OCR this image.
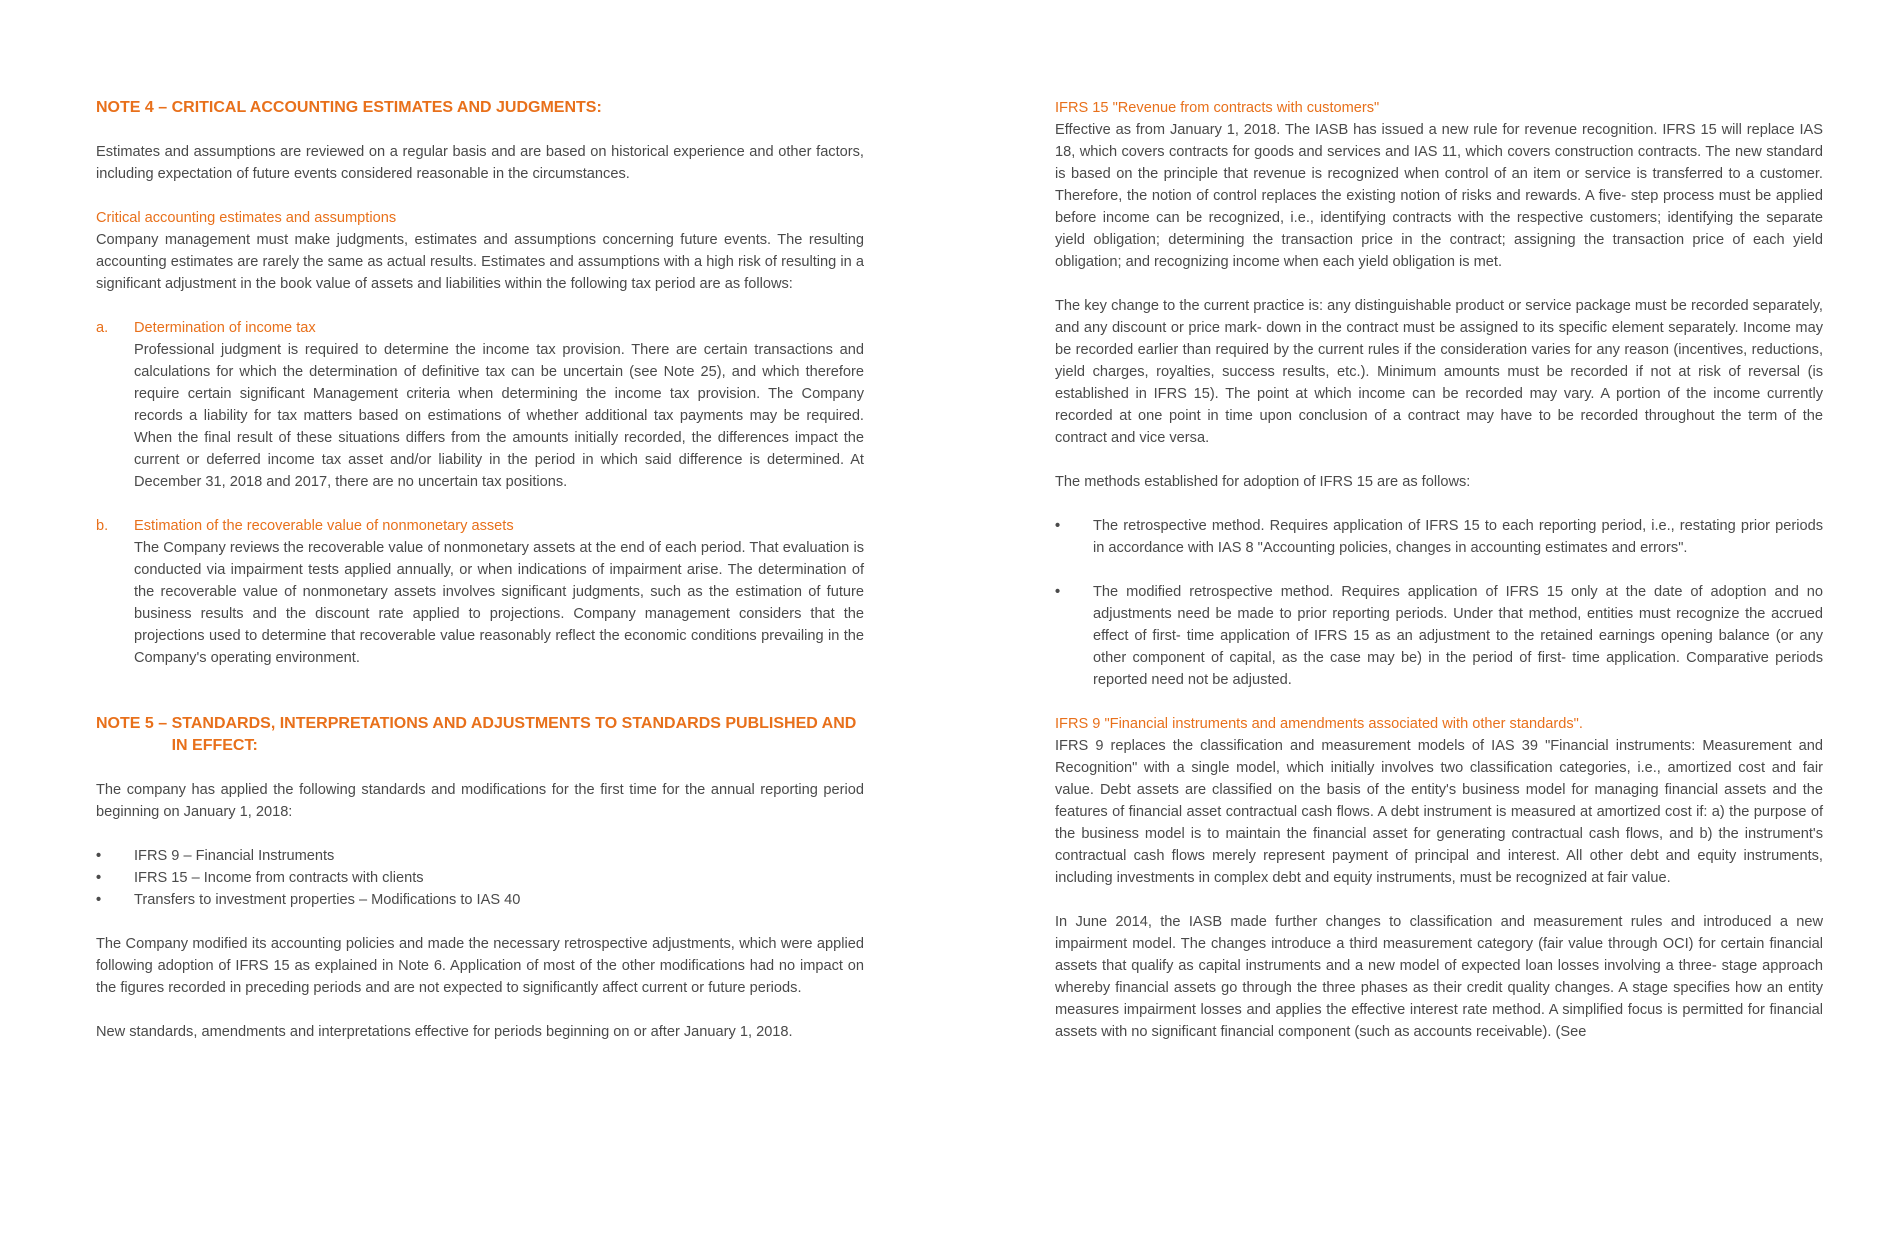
NOTE 4 – CRITICAL ACCOUNTING ESTIMATES AND JUDGMENTS:

Estimates and assumptions are reviewed on a regular basis and are based on historical experience and other factors, including expectation of future events considered reasonable in the circumstances.

Critical accounting estimates and assumptions

Company management must make judgments, estimates and assumptions concerning future events. The resulting accounting estimates are rarely the same as actual results. Estimates and assumptions with a high risk of resulting in a significant adjustment in the book value of assets and liabilities within the following tax period are as follows:

a.	Determination of income tax

Professional judgment is required to determine the income tax provision. There are certain transactions and calculations for which the determination of definitive tax can be uncertain (see Note 25), and which therefore require certain significant Management criteria when determining the income tax provision. The Company records a liability for tax matters based on estimations of whether additional tax payments may be required. When the final result of these situations differs from the amounts initially recorded, the differences impact the current or deferred income tax asset and/or liability in the period in which said difference is determined. At December 31, 2018 and 2017, there are no uncertain tax positions.

b.	Estimation of the recoverable value of nonmonetary assets

The Company reviews the recoverable value of nonmonetary assets at the end of each period. That evaluation is conducted via impairment tests applied annually, or when indications of impairment arise. The determination of the recoverable value of nonmonetary assets involves significant judgments, such as the estimation of future business results and the discount rate applied to projections. Company management considers that the projections used to determine that recoverable value reasonably reflect the economic conditions prevailing in the Company's operating environment.

NOTE 5 – STANDARDS, INTERPRETATIONS AND ADJUSTMENTS TO STANDARDS PUBLISHED AND IN EFFECT:

The company has applied the following standards and modifications for the first time for the annual reporting period beginning on January 1, 2018:

•	IFRS 9 – Financial Instruments
•	IFRS 15 – Income from contracts with clients
•	Transfers to investment properties – Modifications to IAS 40

The Company modified its accounting policies and made the necessary retrospective adjustments, which were applied following adoption of IFRS 15 as explained in Note 6. Application of most of the other modifications had no impact on the figures recorded in preceding periods and are not expected to significantly affect current or future periods.

New standards, amendments and interpretations effective for periods beginning on or after January 1, 2018.

IFRS 15 "Revenue from contracts with customers"

Effective as from January 1, 2018. The IASB has issued a new rule for revenue recognition. IFRS 15 will replace IAS 18, which covers contracts for goods and services and IAS 11, which covers construction contracts. The new standard is based on the principle that revenue is recognized when control of an item or service is transferred to a customer. Therefore, the notion of control replaces the existing notion of risks and rewards. A five- step process must be applied before income can be recognized, i.e., identifying contracts with the respective customers; identifying the separate yield obligation; determining the transaction price in the contract; assigning the transaction price of each yield obligation; and recognizing income when each yield obligation is met.

The key change to the current practice is: any distinguishable product or service package must be recorded separately, and any discount or price mark- down in the contract must be assigned to its specific element separately. Income may be recorded earlier than required by the current rules if the consideration varies for any reason (incentives, reductions, yield charges, royalties, success results, etc.). Minimum amounts must be recorded if not at risk of reversal (is established in IFRS 15). The point at which income can be recorded may vary. A portion of the income currently recorded at one point in time upon conclusion of a contract may have to be recorded throughout the term of the contract and vice versa.

The methods established for adoption of IFRS 15 are as follows:

•	The retrospective method. Requires application of IFRS 15 to each reporting period, i.e., restating prior periods in accordance with IAS 8 "Accounting policies, changes in accounting estimates and errors".
•	The modified retrospective method. Requires application of IFRS 15 only at the date of adoption and no adjustments need be made to prior reporting periods. Under that method, entities must recognize the accrued effect of first- time application of IFRS 15 as an adjustment to the retained earnings opening balance (or any other component of capital, as the case may be) in the period of first- time application. Comparative periods reported need not be adjusted.

IFRS 9 "Financial instruments and amendments associated with other standards".

IFRS 9 replaces the classification and measurement models of IAS 39 "Financial instruments: Measurement and Recognition" with a single model, which initially involves two classification categories, i.e., amortized cost and fair value. Debt assets are classified on the basis of the entity's business model for managing financial assets and the features of financial asset contractual cash flows. A debt instrument is measured at amortized cost if: a) the purpose of the business model is to maintain the financial asset for generating contractual cash flows, and b) the instrument's contractual cash flows merely represent payment of principal and interest. All other debt and equity instruments, including investments in complex debt and equity instruments, must be recognized at fair value.

In June 2014, the IASB made further changes to classification and measurement rules and introduced a new impairment model. The changes introduce a third measurement category (fair value through OCI) for certain financial assets that qualify as capital instruments and a new model of expected loan losses involving a three- stage approach whereby financial assets go through the three phases as their credit quality changes. A stage specifies how an entity measures impairment losses and applies the effective interest rate method. A simplified focus is permitted for financial assets with no significant financial component (such as accounts receivable). (See
